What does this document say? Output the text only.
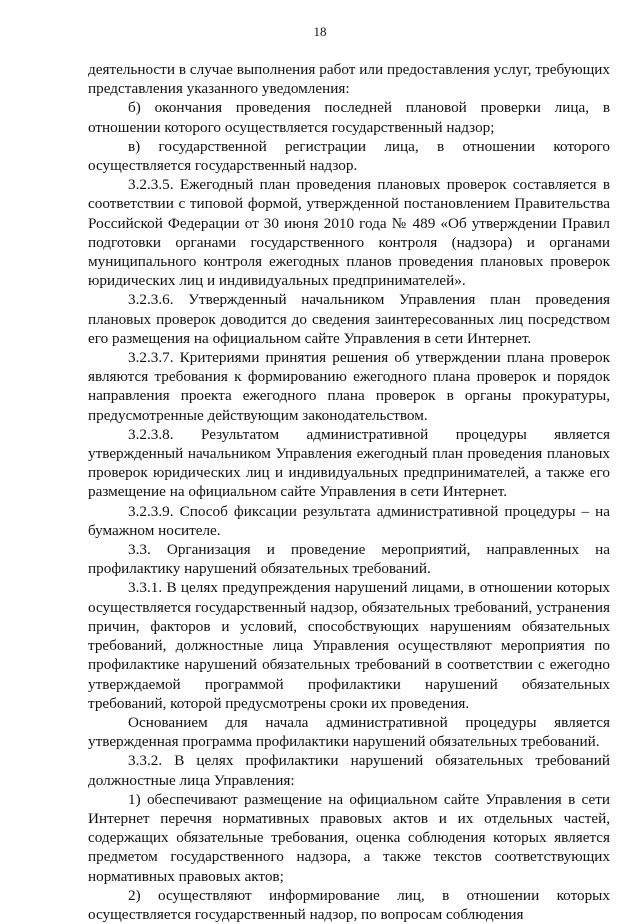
18

деятельности в случае выполнения работ или предоставления услуг, требующих представления указанного уведомления:

б) окончания проведения последней плановой проверки лица, в отношении которого осуществляется государственный надзор;

в) государственной регистрации лица, в отношении которого осуществляется государственный надзор.

3.2.3.5. Ежегодный план проведения плановых проверок составляется в соответствии с типовой формой, утвержденной постановлением Правительства Российской Федерации от 30 июня 2010 года № 489 «Об утверждении Правил подготовки органами государственного контроля (надзора) и органами муниципального контроля ежегодных планов проведения плановых проверок юридических лиц и индивидуальных предпринимателей».

3.2.3.6. Утвержденный начальником Управления план проведения плановых проверок доводится до сведения заинтересованных лиц посредством его размещения на официальном сайте Управления в сети Интернет.

3.2.3.7. Критериями принятия решения об утверждении плана проверок являются требования к формированию ежегодного плана проверок и порядок направления проекта ежегодного плана проверок в органы прокуратуры, предусмотренные действующим законодательством.

3.2.3.8. Результатом административной процедуры является утвержденный начальником Управления ежегодный план проведения плановых проверок юридических лиц и индивидуальных предпринимателей, а также его размещение на официальном сайте Управления в сети Интернет.

3.2.3.9. Способ фиксации результата административной процедуры – на бумажном носителе.

3.3. Организация и проведение мероприятий, направленных на профилактику нарушений обязательных требований.

3.3.1. В целях предупреждения нарушений лицами, в отношении которых осуществляется государственный надзор, обязательных требований, устранения причин, факторов и условий, способствующих нарушениям обязательных требований, должностные лица Управления осуществляют мероприятия по профилактике нарушений обязательных требований в соответствии с ежегодно утверждаемой программой профилактики нарушений обязательных требований, которой предусмотрены сроки их проведения.

Основанием для начала административной процедуры является утвержденная программа профилактики нарушений обязательных требований.

3.3.2. В целях профилактики нарушений обязательных требований должностные лица Управления:

1) обеспечивают размещение на официальном сайте Управления в сети Интернет перечня нормативных правовых актов и их отдельных частей, содержащих обязательные требования, оценка соблюдения которых является предметом государственного надзора, а также текстов соответствующих нормативных правовых актов;

2) осуществляют информирование лиц, в отношении которых осуществляется государственный надзор, по вопросам соблюдения
